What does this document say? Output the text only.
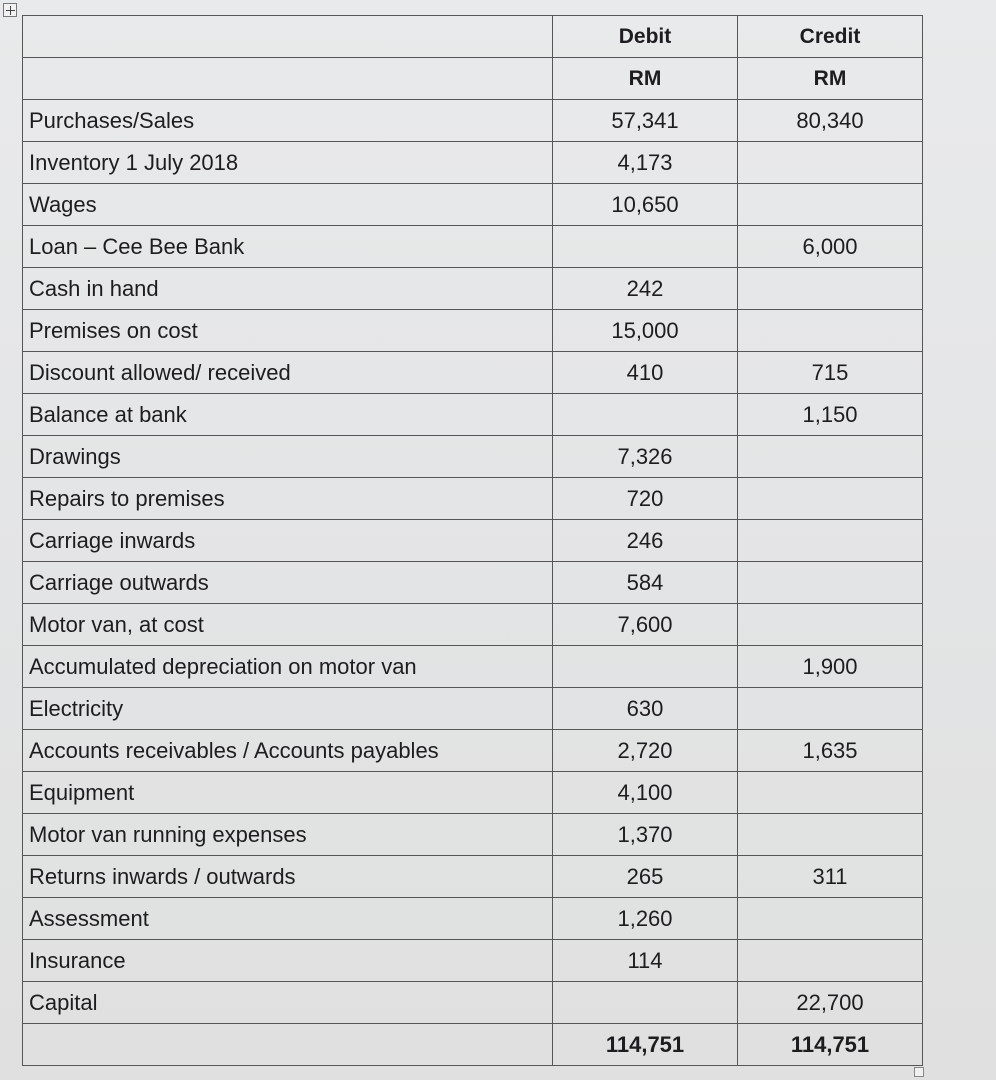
	Debit	Credit
	RM	RM
Purchases/Sales	57,341	80,340
Inventory 1 July 2018	4,173	
Wages	10,650	
Loan – Cee Bee Bank		6,000
Cash in hand	242	
Premises on cost	15,000	
Discount allowed/ received	410	715
Balance at bank		1,150
Drawings	7,326	
Repairs to premises	720	
Carriage inwards	246	
Carriage outwards	584	
Motor van, at cost	7,600	
Accumulated depreciation on motor van		1,900
Electricity	630	
Accounts receivables / Accounts payables	2,720	1,635
Equipment	4,100	
Motor van running expenses	1,370	
Returns inwards / outwards	265	311
Assessment	1,260	
Insurance	114	
Capital		22,700
	114,751	114,751
